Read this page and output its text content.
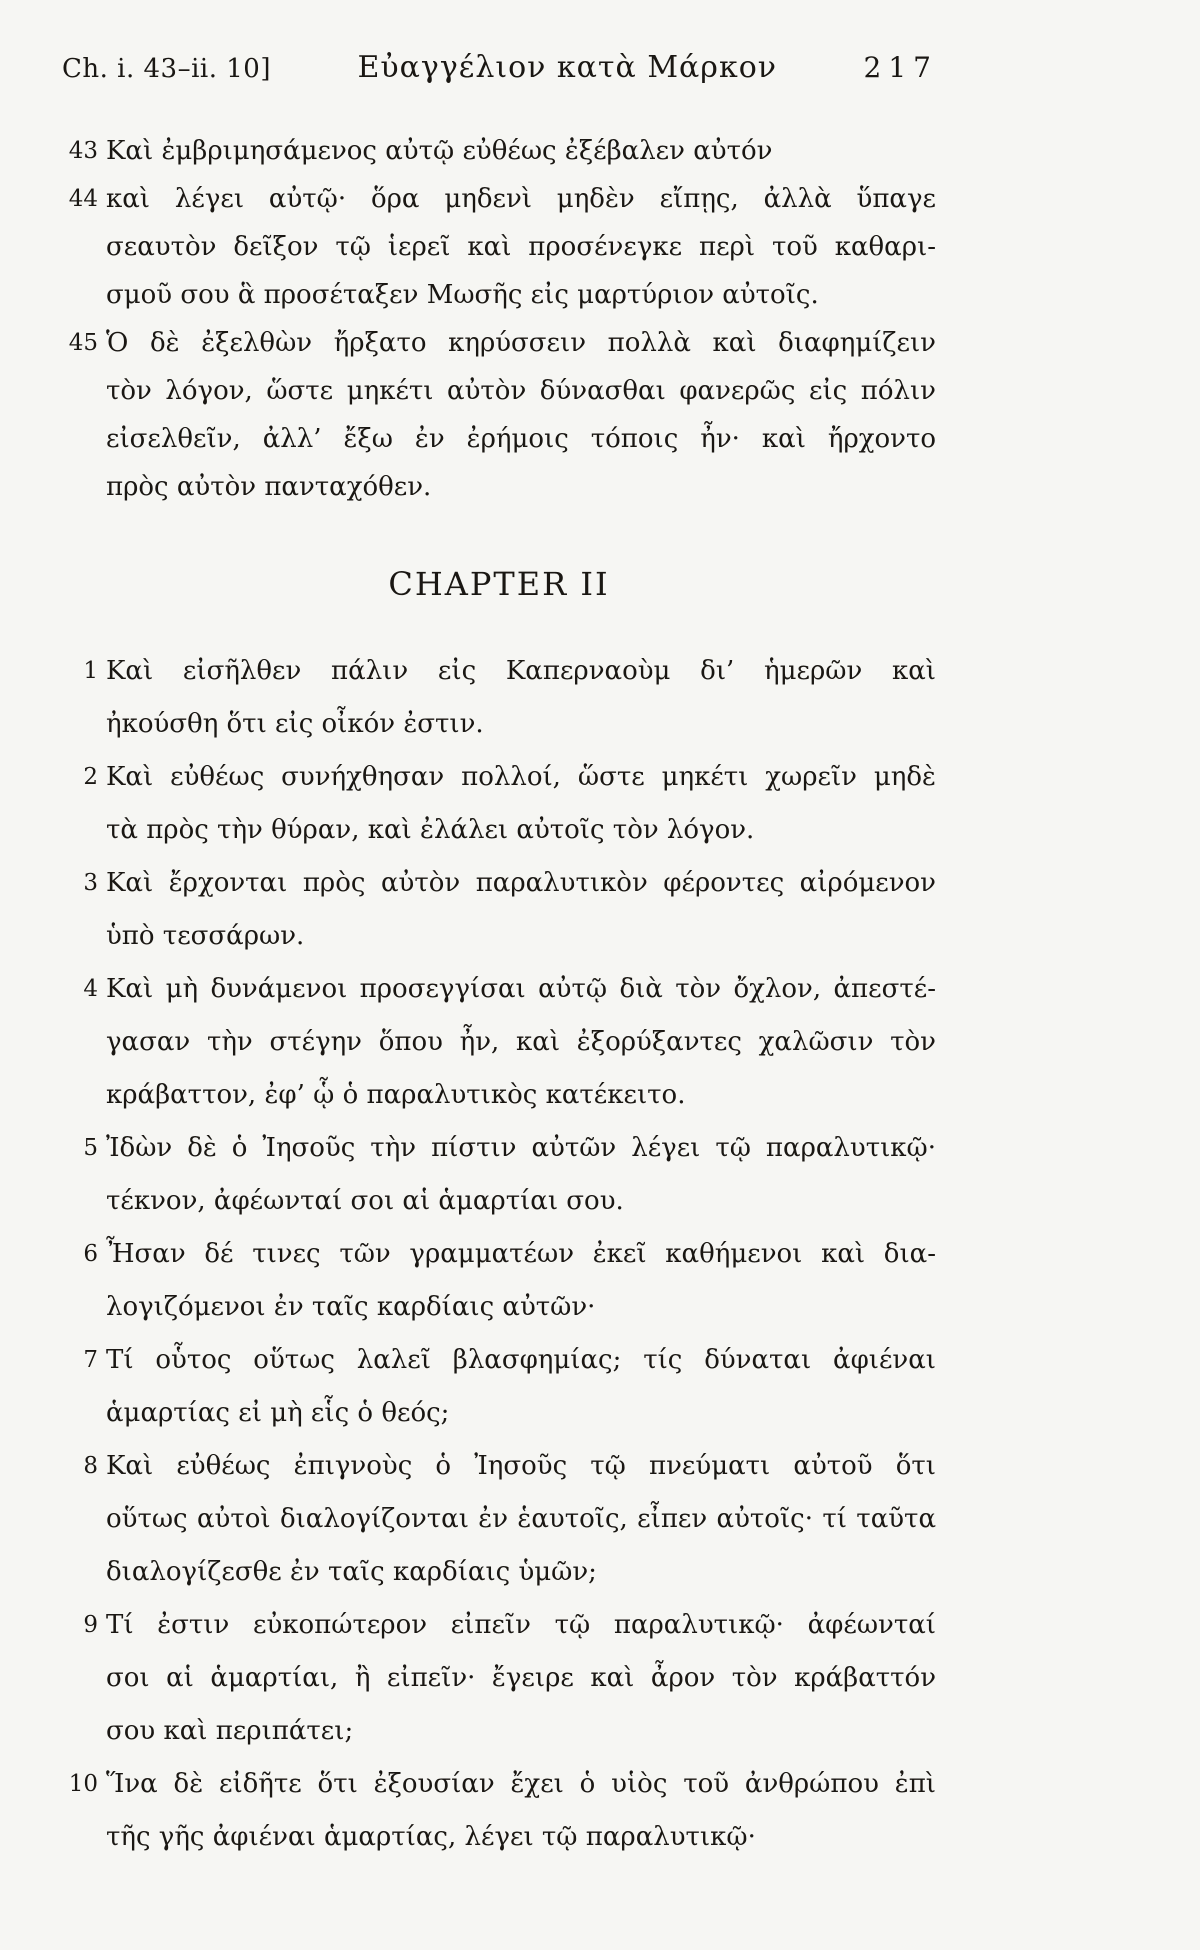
Ch. i. 43–ii. 10]	Εὐαγγέλιον κατὰ Μάρκον	217
43 Καὶ ἐμβριμησάμενος αὐτῷ εὐθέως ἐξέβαλεν αὐτόν
44 καὶ λέγει αὐτῷ· ὅρα μηδενὶ μηδὲν εἴπῃς, ἀλλὰ ὕπαγε
σεαυτὸν δεῖξον τῷ ἱερεῖ καὶ προσένεγκε περὶ τοῦ καθαρι-
σμοῦ σου ἃ προσέταξεν Μωσῆς εἰς μαρτύριον αὐτοῖς.
45 Ὁ δὲ ἐξελθὼν ἤρξατο κηρύσσειν πολλὰ καὶ διαφημίζειν
τὸν λόγον, ὥστε μηκέτι αὐτὸν δύνασθαι φανερῶς εἰς πόλιν
εἰσελθεῖν, ἀλλ’ ἔξω ἐν ἐρήμοις τόποις ἦν· καὶ ἤρχοντο
πρὸς αὐτὸν πανταχόθεν.
CHAPTER II
1 Καὶ εἰσῆλθεν πάλιν εἰς Καπερναοὺμ δι’ ἡμερῶν καὶ
ἠκούσθη ὅτι εἰς οἶκόν ἐστιν.
2 Καὶ εὐθέως συνήχθησαν πολλοί, ὥστε μηκέτι χωρεῖν μηδὲ
τὰ πρὸς τὴν θύραν, καὶ ἐλάλει αὐτοῖς τὸν λόγον.
3 Καὶ ἔρχονται πρὸς αὐτὸν παραλυτικὸν φέροντες αἰρόμενον
ὑπὸ τεσσάρων.
4 Καὶ μὴ δυνάμενοι προσεγγίσαι αὐτῷ διὰ τὸν ὄχλον, ἀπεστέ-
γασαν τὴν στέγην ὅπου ἦν, καὶ ἐξορύξαντες χαλῶσιν τὸν
κράβαττον, ἐφ’ ᾧ ὁ παραλυτικὸς κατέκειτο.
5 Ἰδὼν δὲ ὁ Ἰησοῦς τὴν πίστιν αὐτῶν λέγει τῷ παραλυτικῷ·
τέκνον, ἀφέωνταί σοι αἱ ἁμαρτίαι σου.
6 Ἦσαν δέ τινες τῶν γραμματέων ἐκεῖ καθήμενοι καὶ δια-
λογιζόμενοι ἐν ταῖς καρδίαις αὐτῶν·
7 Τί οὗτος οὕτως λαλεῖ βλασφημίας; τίς δύναται ἀφιέναι
ἁμαρτίας εἰ μὴ εἷς ὁ θεός;
8 Καὶ εὐθέως ἐπιγνοὺς ὁ Ἰησοῦς τῷ πνεύματι αὐτοῦ ὅτι
οὕτως αὐτοὶ διαλογίζονται ἐν ἑαυτοῖς, εἶπεν αὐτοῖς· τί ταῦτα
διαλογίζεσθε ἐν ταῖς καρδίαις ὑμῶν;
9 Τί ἐστιν εὐκοπώτερον εἰπεῖν τῷ παραλυτικῷ· ἀφέωνταί
σοι αἱ ἁμαρτίαι, ἢ εἰπεῖν· ἔγειρε καὶ ἆρον τὸν κράβαττόν
σου καὶ περιπάτει;
10 Ἵνα δὲ εἰδῆτε ὅτι ἐξουσίαν ἔχει ὁ υἱὸς τοῦ ἀνθρώπου ἐπὶ
τῆς γῆς ἀφιέναι ἁμαρτίας, λέγει τῷ παραλυτικῷ·
